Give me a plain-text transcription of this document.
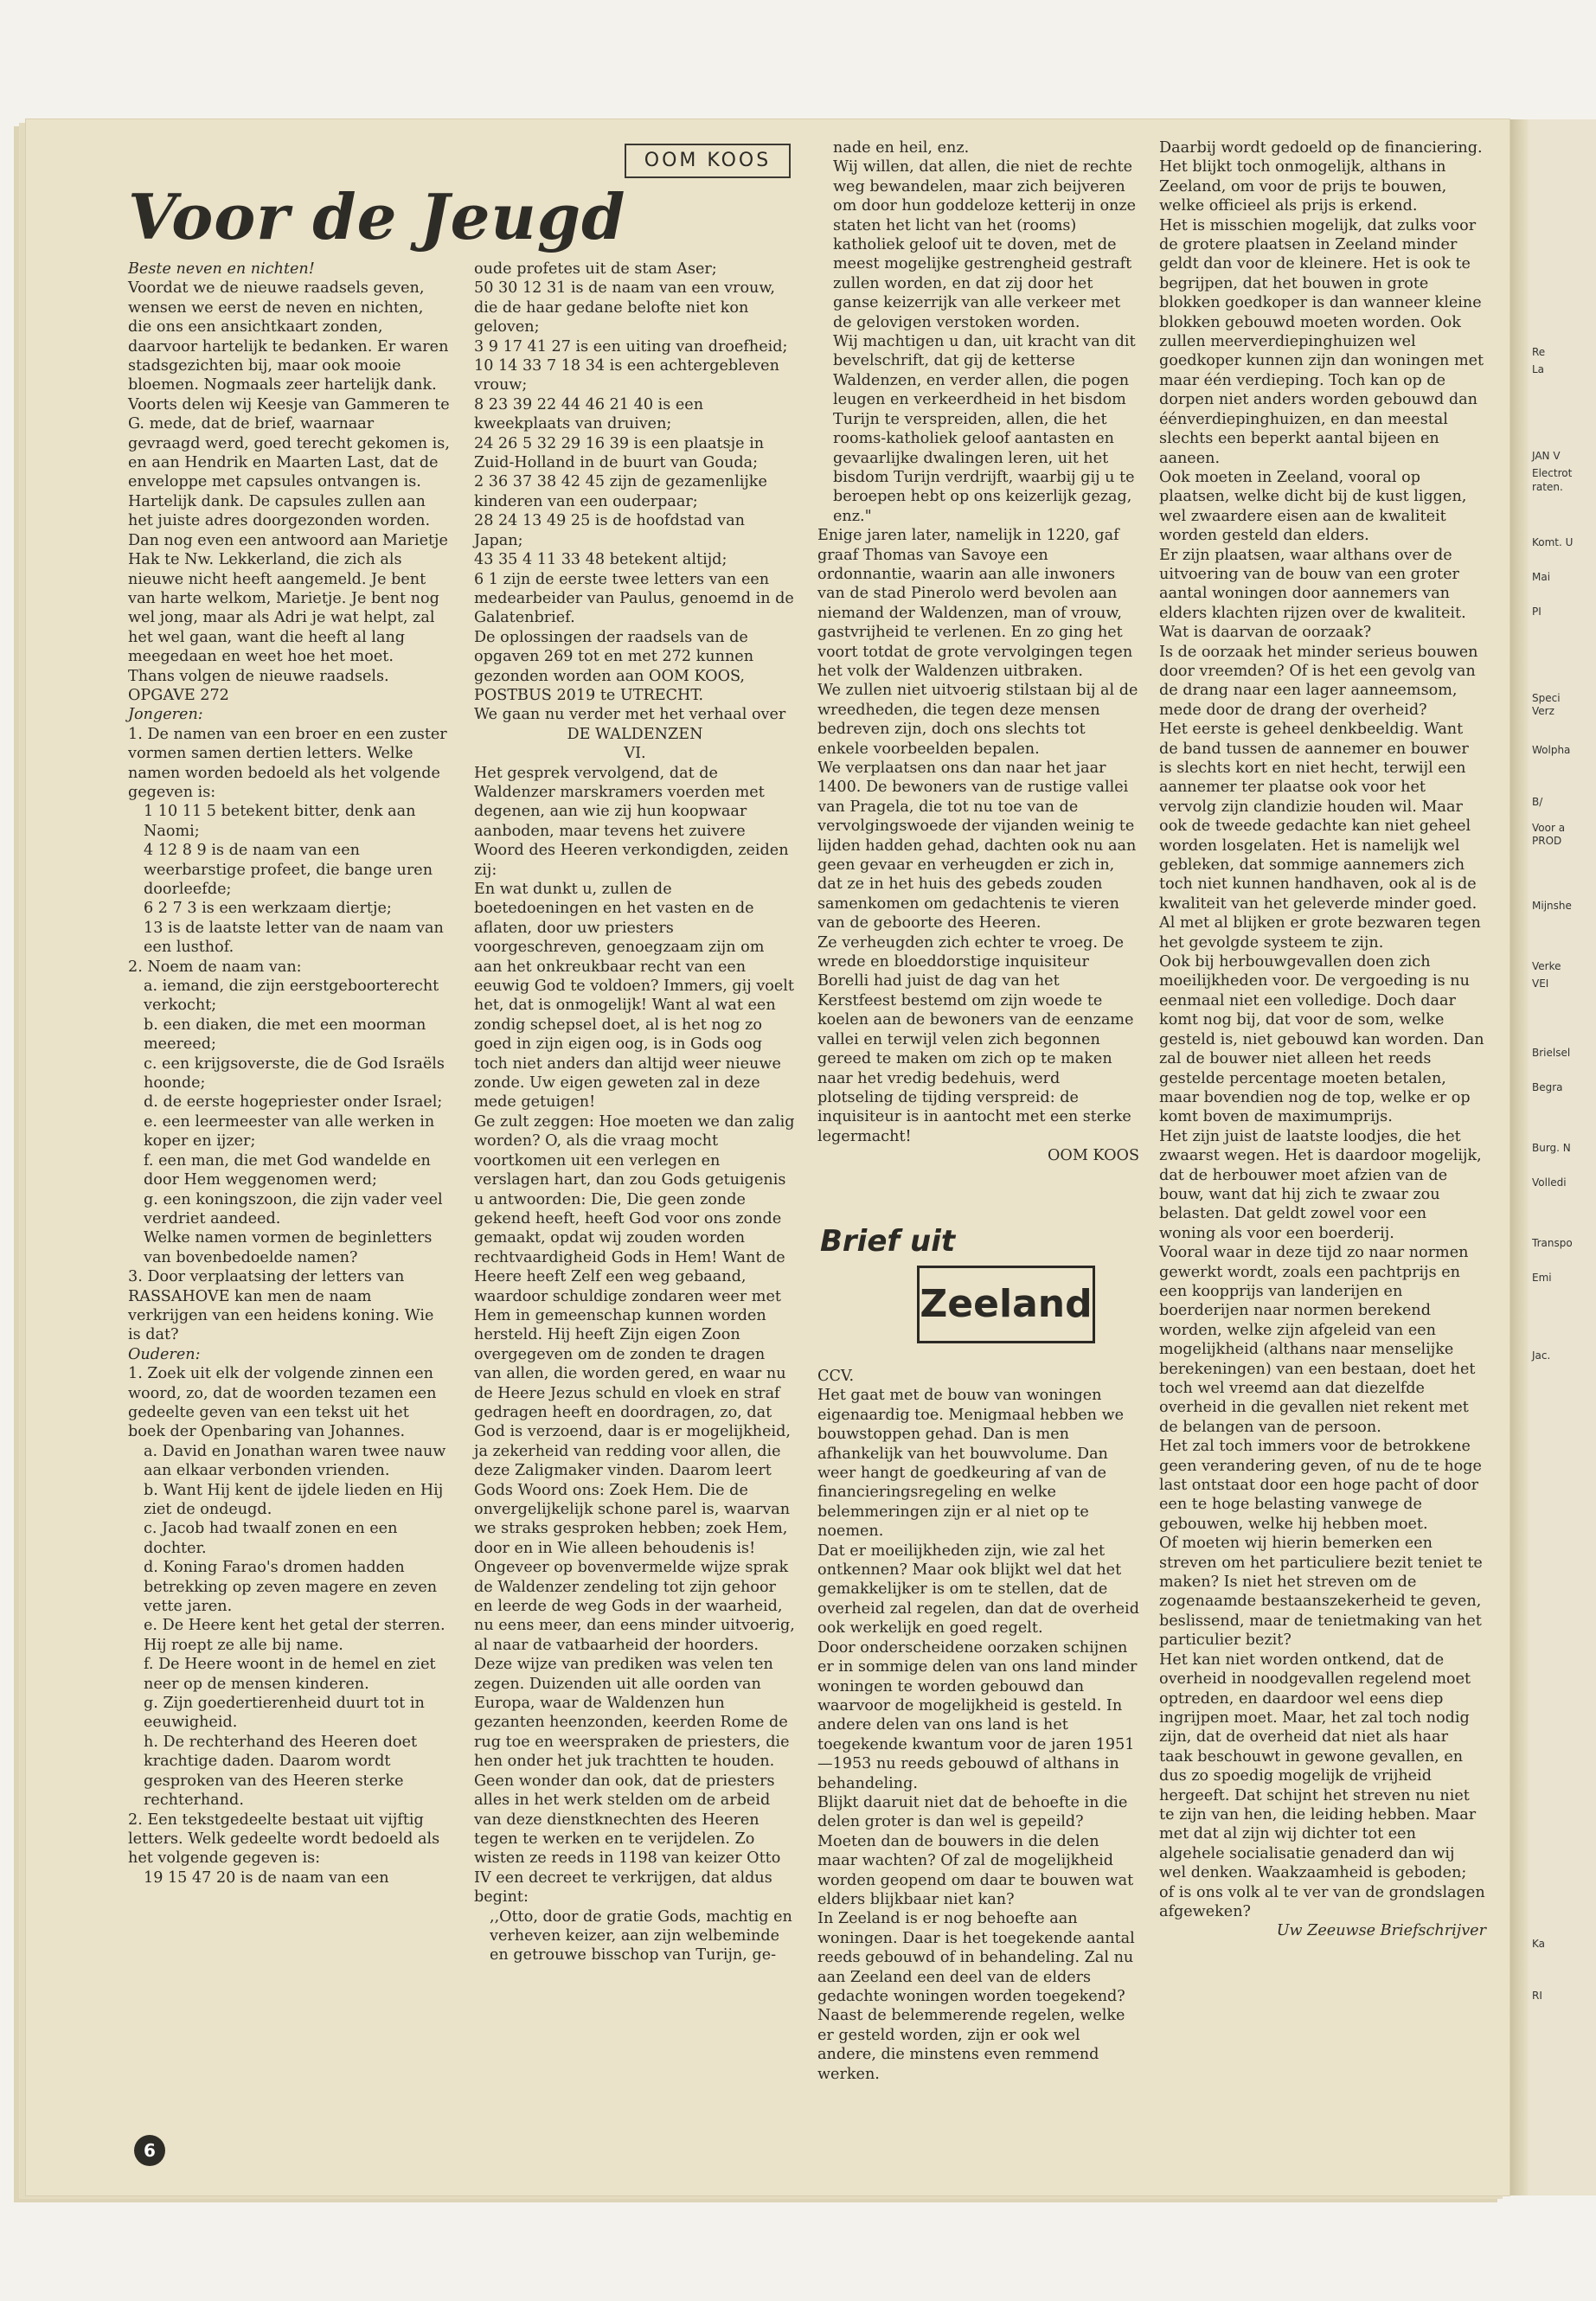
Re
La
JAN V
Electrot
raten.
Komt. U
Mai
PI
Speci
Verz
Wolpha
B/
Voor a
PROD
Mijnshe
Verke
VEI
Brielsel
Begra
Burg. N
Volledi
Transpo
Emi
Jac.
Ka
RI
OOM KOOS
Voor de Jeugd

Beste neven en nichten!

Voordat we de nieuwe raadsels geven, wensen we eerst de neven en nichten, die ons een ansichtkaart zonden, daarvoor hartelijk te bedanken. Er waren stadsgezichten bij, maar ook mooie bloemen. Nogmaals zeer hartelijk dank.

Voorts delen wij Keesje van Gammeren te G. mede, dat de brief, waarnaar gevraagd werd, goed terecht gekomen is, en aan Hendrik en Maarten Last, dat de enveloppe met capsules ontvangen is. Hartelijk dank. De capsules zullen aan het juiste adres doorgezonden worden.

Dan nog even een antwoord aan Marietje Hak te Nw. Lekkerland, die zich als nieuwe nicht heeft aangemeld. Je bent van harte welkom, Marietje. Je bent nog wel jong, maar als Adri je wat helpt, zal het wel gaan, want die heeft al lang meegedaan en weet hoe het moet.

Thans volgen de nieuwe raadsels.

OPGAVE 272

Jongeren:

1. De namen van een broer en een zuster vormen samen dertien letters. Welke namen worden bedoeld als het volgende gegeven is:

1 10 11 5 betekent bitter, denk aan Naomi;

4 12 8 9 is de naam van een weerbarstige profeet, die bange uren doorleefde;

6 2 7 3 is een werkzaam diertje;

13 is de laatste letter van de naam van een lusthof.

2. Noem de naam van:

a. iemand, die zijn eerstgeboorterecht verkocht;

b. een diaken, die met een moorman meereed;

c. een krijgsoverste, die de God Israëls hoonde;

d. de eerste hogepriester onder Israel;

e. een leermeester van alle werken in koper en ijzer;

f. een man, die met God wandelde en door Hem weggenomen werd;

g. een koningszoon, die zijn vader veel verdriet aandeed.

Welke namen vormen de beginletters van bovenbedoelde namen?

3. Door verplaatsing der letters van RASSAHOVE kan men de naam verkrijgen van een heidens koning. Wie is dat?

Ouderen:

1. Zoek uit elk der volgende zinnen een woord, zo, dat de woorden tezamen een gedeelte geven van een tekst uit het boek der Openbaring van Johannes.

a. David en Jonathan waren twee nauw aan elkaar verbonden vrienden.

b. Want Hij kent de ijdele lieden en Hij ziet de ondeugd.

c. Jacob had twaalf zonen en een dochter.

d. Koning Farao's dromen hadden betrekking op zeven magere en zeven vette jaren.

e. De Heere kent het getal der sterren. Hij roept ze alle bij name.

f. De Heere woont in de hemel en ziet neer op de mensen kinderen.

g. Zijn goedertierenheid duurt tot in eeuwigheid.

h. De rechterhand des Heeren doet krachtige daden. Daarom wordt gesproken van des Heeren sterke rechterhand.

2. Een tekstgedeelte bestaat uit vijftig letters. Welk gedeelte wordt bedoeld als het volgende gegeven is:

19 15 47 20 is de naam van een

oude profetes uit de stam Aser;

50 30 12 31 is de naam van een vrouw, die de haar gedane belofte niet kon geloven;

3 9 17 41 27 is een uiting van droefheid;

10 14 33 7 18 34 is een achtergebleven vrouw;

8 23 39 22 44 46 21 40 is een kweekplaats van druiven;

24 26 5 32 29 16 39 is een plaatsje in Zuid-Holland in de buurt van Gouda;

2 36 37 38 42 45 zijn de gezamenlijke kinderen van een ouderpaar;

28 24 13 49 25 is de hoofdstad van Japan;

43 35 4 11 33 48 betekent altijd;

6 1 zijn de eerste twee letters van een medearbeider van Paulus, genoemd in de Galatenbrief.

De oplossingen der raadsels van de opgaven 269 tot en met 272 kunnen gezonden worden aan OOM KOOS, POSTBUS 2019 te UTRECHT.

We gaan nu verder met het verhaal over

DE WALDENZEN

VI.

Het gesprek vervolgend, dat de Waldenzer marskramers voerden met degenen, aan wie zij hun koopwaar aanboden, maar tevens het zuivere Woord des Heeren verkondigden, zeiden zij:

En wat dunkt u, zullen de boetedoeningen en het vasten en de aflaten, door uw priesters voorgeschreven, genoegzaam zijn om aan het onkreukbaar recht van een eeuwig God te voldoen? Immers, gij voelt het, dat is onmogelijk! Want al wat een zondig schepsel doet, al is het nog zo goed in zijn eigen oog, is in Gods oog toch niet anders dan altijd weer nieuwe zonde. Uw eigen geweten zal in deze mede getuigen!

Ge zult zeggen: Hoe moeten we dan zalig worden? O, als die vraag mocht voortkomen uit een verlegen en verslagen hart, dan zou Gods getuigenis u antwoorden: Die, Die geen zonde gekend heeft, heeft God voor ons zonde gemaakt, opdat wij zouden worden rechtvaardigheid Gods in Hem! Want de Heere heeft Zelf een weg gebaand, waardoor schuldige zondaren weer met Hem in gemeenschap kunnen worden hersteld. Hij heeft Zijn eigen Zoon overgegeven om de zonden te dragen van allen, die worden gered, en waar nu de Heere Jezus schuld en vloek en straf gedragen heeft en doordragen, zo, dat God is verzoend, daar is er mogelijkheid, ja zekerheid van redding voor allen, die deze Zaligmaker vinden. Daarom leert Gods Woord ons: Zoek Hem. Die de onvergelijkelijk schone parel is, waarvan we straks gesproken hebben; zoek Hem, door en in Wie alleen behoudenis is!

Ongeveer op bovenvermelde wijze sprak de Waldenzer zendeling tot zijn gehoor en leerde de weg Gods in der waarheid, nu eens meer, dan eens minder uitvoerig, al naar de vatbaarheid der hoorders. Deze wijze van prediken was velen ten zegen. Duizenden uit alle oorden van Europa, waar de Waldenzen hun gezanten heenzonden, keerden Rome de rug toe en weerspraken de priesters, die hen onder het juk trachtten te houden.

Geen wonder dan ook, dat de priesters alles in het werk stelden om de arbeid van deze dienstknechten des Heeren tegen te werken en te verijdelen. Zo wisten ze reeds in 1198 van keizer Otto IV een decreet te verkrijgen, dat aldus begint:

,,Otto, door de gratie Gods, machtig en verheven keizer, aan zijn welbeminde en getrouwe bisschop van Turijn, ge-

nade en heil, enz.

Wij willen, dat allen, die niet de rechte weg bewandelen, maar zich beijveren om door hun goddeloze ketterij in onze staten het licht van het (rooms) katholiek geloof uit te doven, met de meest mogelijke gestrengheid gestraft zullen worden, en dat zij door het ganse keizerrijk van alle verkeer met de gelovigen verstoken worden.

Wij machtigen u dan, uit kracht van dit bevelschrift, dat gij de ketterse Waldenzen, en verder allen, die pogen leugen en verkeerdheid in het bisdom Turijn te verspreiden, allen, die het rooms-katholiek geloof aantasten en gevaarlijke dwalingen leren, uit het bisdom Turijn verdrijft, waarbij gij u te beroepen hebt op ons keizerlijk gezag, enz."

Enige jaren later, namelijk in 1220, gaf graaf Thomas van Savoye een ordonnantie, waarin aan alle inwoners van de stad Pinerolo werd bevolen aan niemand der Waldenzen, man of vrouw, gastvrijheid te verlenen. En zo ging het voort totdat de grote vervolgingen tegen het volk der Waldenzen uitbraken.

We zullen niet uitvoerig stilstaan bij al de wreedheden, die tegen deze mensen bedreven zijn, doch ons slechts tot enkele voorbeelden bepalen.

We verplaatsen ons dan naar het jaar 1400. De bewoners van de rustige vallei van Pragela, die tot nu toe van de vervolgingswoede der vijanden weinig te lijden hadden gehad, dachten ook nu aan geen gevaar en verheugden er zich in, dat ze in het huis des gebeds zouden samenkomen om gedachtenis te vieren van de geboorte des Heeren.

Ze verheugden zich echter te vroeg. De wrede en bloeddorstige inquisiteur Borelli had juist de dag van het Kerstfeest bestemd om zijn woede te koelen aan de bewoners van de eenzame vallei en terwijl velen zich begonnen gereed te maken om zich op te maken naar het vredig bedehuis, werd plotseling de tijding verspreid: de inquisiteur is in aantocht met een sterke legermacht!

OOM KOOS

Brief uit
Zeeland

CCV.

Het gaat met de bouw van woningen eigenaardig toe. Menigmaal hebben we bouwstoppen gehad. Dan is men afhankelijk van het bouwvolume. Dan weer hangt de goedkeuring af van de financieringsregeling en welke belemmeringen zijn er al niet op te noemen.

Dat er moeilijkheden zijn, wie zal het ontkennen? Maar ook blijkt wel dat het gemakkelijker is om te stellen, dat de overheid zal regelen, dan dat de overheid ook werkelijk en goed regelt.

Door onderscheidene oorzaken schijnen er in sommige delen van ons land minder woningen te worden gebouwd dan waarvoor de mogelijkheid is gesteld. In andere delen van ons land is het toegekende kwantum voor de jaren 1951—1953 nu reeds gebouwd of althans in behandeling.

Blijkt daaruit niet dat de behoefte in die delen groter is dan wel is gepeild? Moeten dan de bouwers in die delen maar wachten? Of zal de mogelijkheid worden geopend om daar te bouwen wat elders blijkbaar niet kan?

In Zeeland is er nog behoefte aan woningen. Daar is het toegekende aantal reeds gebouwd of in behandeling. Zal nu aan Zeeland een deel van de elders gedachte woningen worden toegekend? Naast de belemmerende regelen, welke er gesteld worden, zijn er ook wel andere, die minstens even remmend werken.

Daarbij wordt gedoeld op de financiering. Het blijkt toch onmogelijk, althans in Zeeland, om voor de prijs te bouwen, welke officieel als prijs is erkend.

Het is misschien mogelijk, dat zulks voor de grotere plaatsen in Zeeland minder geldt dan voor de kleinere. Het is ook te begrijpen, dat het bouwen in grote blokken goedkoper is dan wanneer kleine blokken gebouwd moeten worden. Ook zullen meerverdiepinghuizen wel goedkoper kunnen zijn dan woningen met maar één verdieping. Toch kan op de dorpen niet anders worden gebouwd dan éénverdiepinghuizen, en dan meestal slechts een beperkt aantal bijeen en aaneen.

Ook moeten in Zeeland, vooral op plaatsen, welke dicht bij de kust liggen, wel zwaardere eisen aan de kwaliteit worden gesteld dan elders.

Er zijn plaatsen, waar althans over de uitvoering van de bouw van een groter aantal woningen door aannemers van elders klachten rijzen over de kwaliteit. Wat is daarvan de oorzaak?

Is de oorzaak het minder serieus bouwen door vreemden? Of is het een gevolg van de drang naar een lager aanneemsom, mede door de drang der overheid?

Het eerste is geheel denkbeeldig. Want de band tussen de aannemer en bouwer is slechts kort en niet hecht, terwijl een aannemer ter plaatse ook voor het vervolg zijn clandizie houden wil. Maar ook de tweede gedachte kan niet geheel worden losgelaten. Het is namelijk wel gebleken, dat sommige aannemers zich toch niet kunnen handhaven, ook al is de kwaliteit van het geleverde minder goed.

Al met al blijken er grote bezwaren tegen het gevolgde systeem te zijn.

Ook bij herbouwgevallen doen zich moeilijkheden voor. De vergoeding is nu eenmaal niet een volledige. Doch daar komt nog bij, dat voor de som, welke gesteld is, niet gebouwd kan worden. Dan zal de bouwer niet alleen het reeds gestelde percentage moeten betalen, maar bovendien nog de top, welke er op komt boven de maximumprijs.

Het zijn juist de laatste loodjes, die het zwaarst wegen. Het is daardoor mogelijk, dat de herbouwer moet afzien van de bouw, want dat hij zich te zwaar zou belasten. Dat geldt zowel voor een woning als voor een boerderij.

Vooral waar in deze tijd zo naar normen gewerkt wordt, zoals een pachtprijs en een koopprijs van landerijen en boerderijen naar normen berekend worden, welke zijn afgeleid van een mogelijkheid (althans naar menselijke berekeningen) van een bestaan, doet het toch wel vreemd aan dat diezelfde overheid in die gevallen niet rekent met de belangen van de persoon.

Het zal toch immers voor de betrokkene geen verandering geven, of nu de te hoge last ontstaat door een hoge pacht of door een te hoge belasting vanwege de gebouwen, welke hij hebben moet.

Of moeten wij hierin bemerken een streven om het particuliere bezit teniet te maken? Is niet het streven om de zogenaamde bestaanszekerheid te geven, beslissend, maar de tenietmaking van het particulier bezit?

Het kan niet worden ontkend, dat de overheid in noodgevallen regelend moet optreden, en daardoor wel eens diep ingrijpen moet. Maar, het zal toch nodig zijn, dat de overheid dat niet als haar taak beschouwt in gewone gevallen, en dus zo spoedig mogelijk de vrijheid hergeeft. Dat schijnt het streven nu niet te zijn van hen, die leiding hebben. Maar met dat al zijn wij dichter tot een algehele socialisatie genaderd dan wij wel denken. Waakzaamheid is geboden; of is ons volk al te ver van de grondslagen afgeweken?

Uw Zeeuwse Briefschrijver

6
